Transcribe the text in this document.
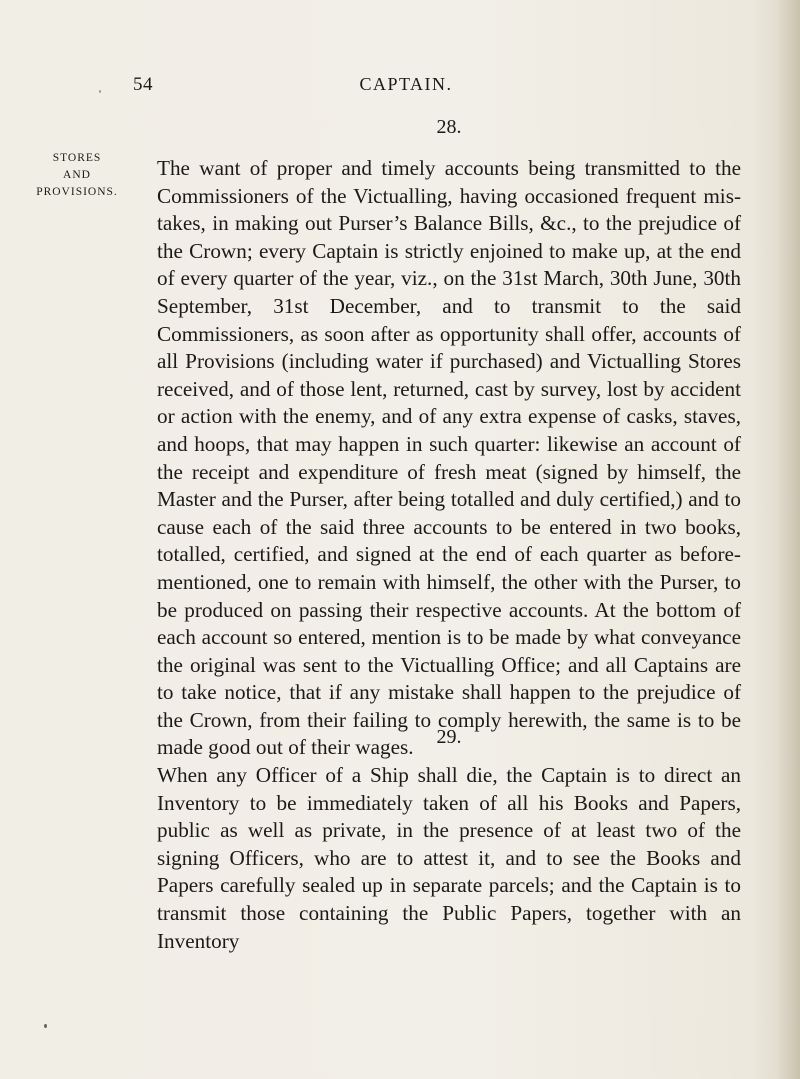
54	CAPTAIN.
STORES
AND
PROVISIONS.
28.

The want of proper and timely accounts being transmitted to the Commissioners of the Victualling, having occasioned frequent mistakes, in making out Purser’s Balance Bills, &c., to the prejudice of the Crown; every Captain is strictly enjoined to make up, at the end of every quarter of the year, viz., on the 31st March, 30th June, 30th September, 31st December, and to transmit to the said Commissioners, as soon after as opportunity shall offer, accounts of all Provisions (including water if purchased) and Victualling Stores received, and of those lent, returned, cast by survey, lost by accident or action with the enemy, and of any extra expense of casks, staves, and hoops, that may happen in such quarter: likewise an account of the receipt and expenditure of fresh meat (signed by himself, the Master and the Purser, after being totalled and duly certified,) and to cause each of the said three accounts to be entered in two books, totalled, certified, and signed at the end of each quarter as before-mentioned, one to remain with himself, the other with the Purser, to be produced on passing their respective accounts. At the bottom of each account so entered, mention is to be made by what conveyance the original was sent to the Victualling Office; and all Captains are to take notice, that if any mistake shall happen to the prejudice of the Crown, from their failing to comply herewith, the same is to be made good out of their wages.	29.

When any Officer of a Ship shall die, the Captain is to direct an Inventory to be immediately taken of all his Books and Papers, public as well as private, in the presence of at least two of the signing Officers, who are to attest it, and to see the Books and Papers carefully sealed up in separate parcels; and the Captain is to transmit those containing the Public Papers, together with an Inventory
